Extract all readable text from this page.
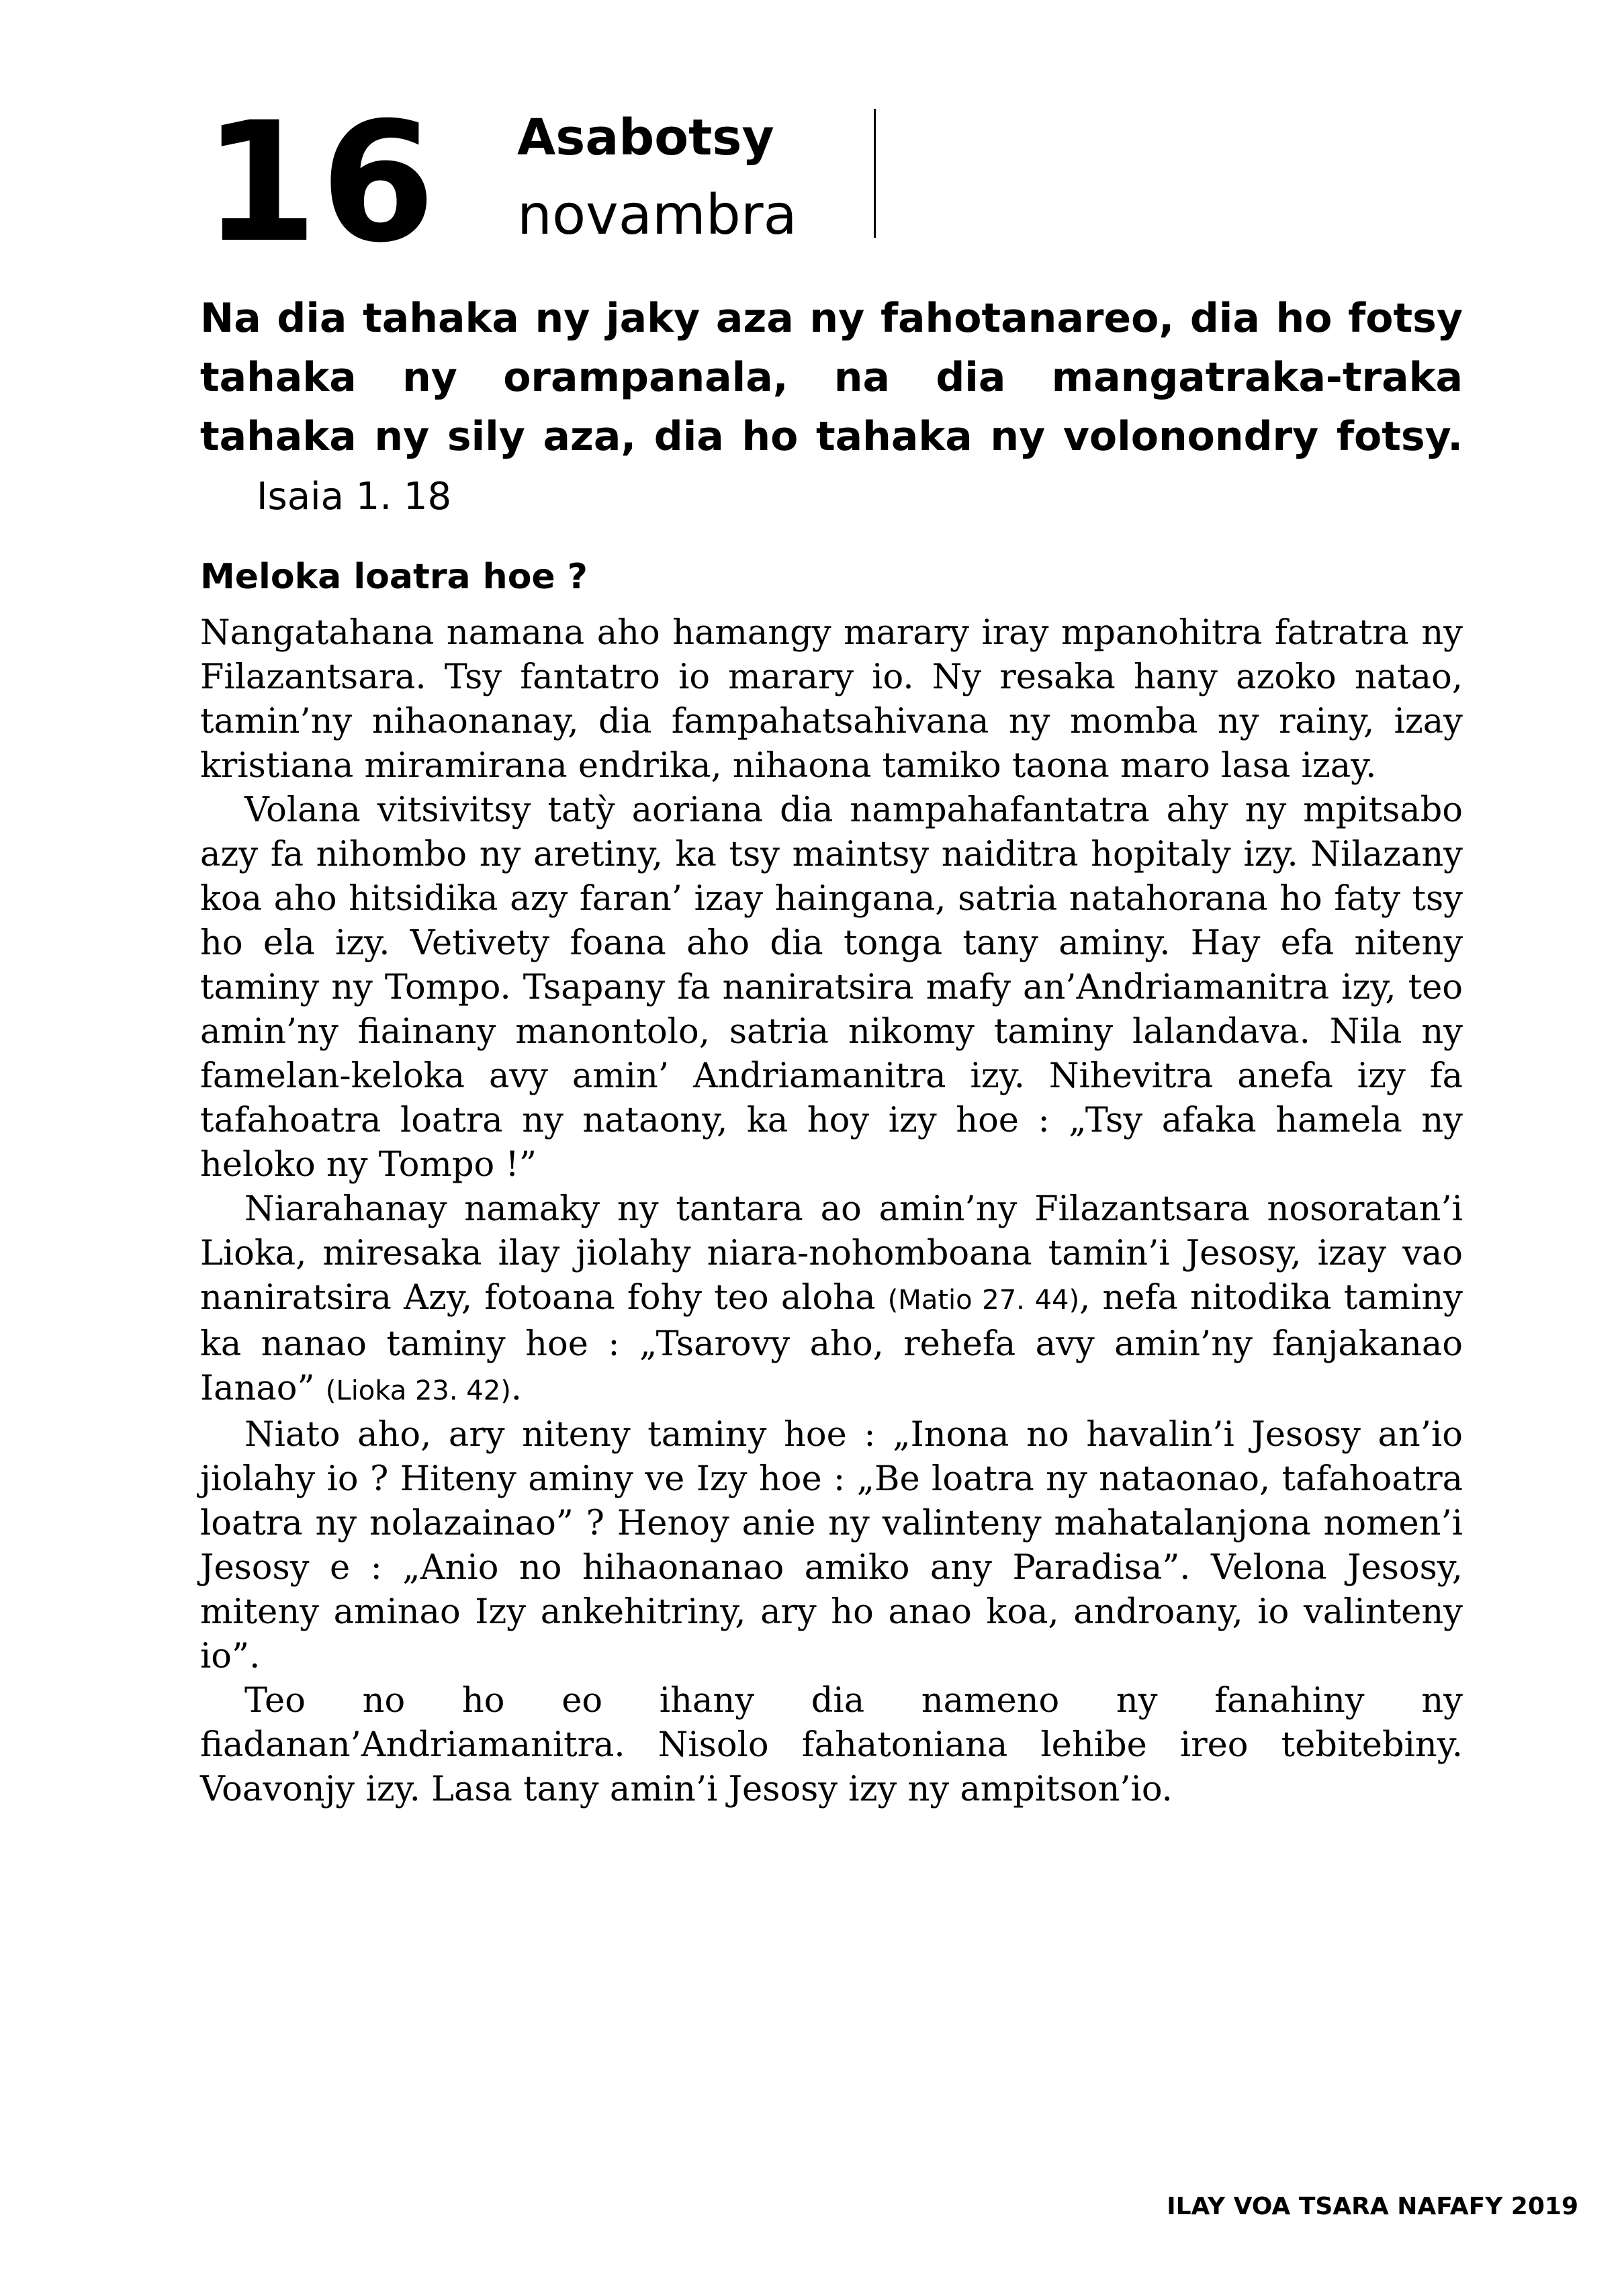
16 Asabotsy
novambra
Na dia tahaka ny jaky aza ny fahotanareo, dia ho fotsy tahaka ny orampanala, na dia mangatraka-traka tahaka ny sily aza, dia ho tahaka ny volonondry fotsy. Isaia 1. 18
Meloka loatra hoe ?

Nangatahana namana aho hamangy marary iray mpanohitra fatratra ny Filazantsara. Tsy fantatro io marary io. Ny resaka hany azoko natao, tamin’ny nihaonanay, dia fampahatsahivana ny momba ny rainy, izay kristiana miramirana endrika, nihaona tamiko taona maro lasa izay.

Volana vitsivitsy tatỳ aoriana dia nampahafantatra ahy ny mpitsabo azy fa nihombo ny aretiny, ka tsy maintsy naiditra hopitaly izy. Nilazany koa aho hitsidika azy faran’ izay haingana, satria natahorana ho faty tsy ho ela izy. Vetivety foana aho dia tonga tany aminy. Hay efa niteny taminy ny Tompo. Tsapany fa naniratsira mafy an’Andriamanitra izy, teo amin’ny fiainany manontolo, satria nikomy taminy lalandava. Nila ny famelan-keloka avy amin’ Andriamanitra izy. Nihevitra anefa izy fa tafahoatra loatra ny nataony, ka hoy izy hoe : „Tsy afaka hamela ny heloko ny Tompo !”

Niarahanay namaky ny tantara ao amin’ny Filazantsara nosoratan’i Lioka, miresaka ilay jiolahy niara-nohomboana tamin’i Jesosy, izay vao naniratsira Azy, fotoana fohy teo aloha (Matio 27. 44), nefa nitodika taminy ka nanao taminy hoe : „Tsarovy aho, rehefa avy amin’ny fanjakanao Ianao” (Lioka 23. 42).

Niato aho, ary niteny taminy hoe : „Inona no havalin’i Jesosy an’io jiolahy io ? Hiteny aminy ve Izy hoe : „Be loatra ny nataonao, tafahoatra loatra ny nolazainao” ? Henoy anie ny valinteny mahatalanjona nomen’i Jesosy e : „Anio no hihaonanao amiko any Paradisa”. Velona Jesosy, miteny aminao Izy ankehitriny, ary ho anao koa, androany, io valinteny io”.

Teo no ho eo ihany dia nameno ny fanahiny ny fiadanan’Andriamanitra. Nisolo fahatoniana lehibe ireo tebitebiny. Voavonjy izy. Lasa tany amin’i Jesosy izy ny ampitson’io.

ILAY VOA TSARA NAFAFY 2019
